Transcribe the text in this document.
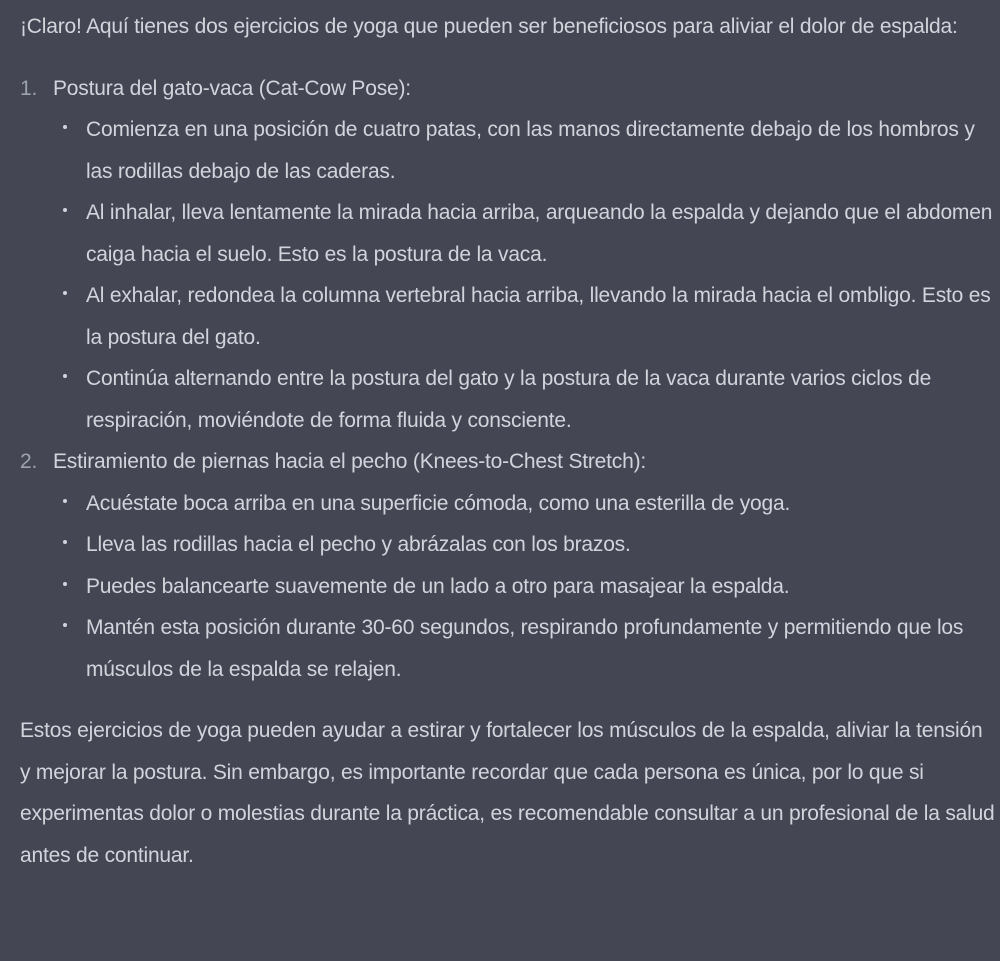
¡Claro! Aquí tienes dos ejercicios de yoga que pueden ser beneficiosos para aliviar el dolor de espalda:

1. Postura del gato-vaca (Cat-Cow Pose):
Comienza en una posición de cuatro patas, con las manos directamente debajo de los hombros y las rodillas debajo de las caderas.
Al inhalar, lleva lentamente la mirada hacia arriba, arqueando la espalda y dejando que el abdomen caiga hacia el suelo. Esto es la postura de la vaca.
Al exhalar, redondea la columna vertebral hacia arriba, llevando la mirada hacia el ombligo. Esto es la postura del gato.
Continúa alternando entre la postura del gato y la postura de la vaca durante varios ciclos de respiración, moviéndote de forma fluida y consciente.
2. Estiramiento de piernas hacia el pecho (Knees-to-Chest Stretch):
Acuéstate boca arriba en una superficie cómoda, como una esterilla de yoga.
Lleva las rodillas hacia el pecho y abrázalas con los brazos.
Puedes balancearte suavemente de un lado a otro para masajear la espalda.
Mantén esta posición durante 30-60 segundos, respirando profundamente y permitiendo que los músculos de la espalda se relajen.

Estos ejercicios de yoga pueden ayudar a estirar y fortalecer los músculos de la espalda, aliviar la tensión y mejorar la postura. Sin embargo, es importante recordar que cada persona es única, por lo que si experimentas dolor o molestias durante la práctica, es recomendable consultar a un profesional de la salud antes de continuar.
